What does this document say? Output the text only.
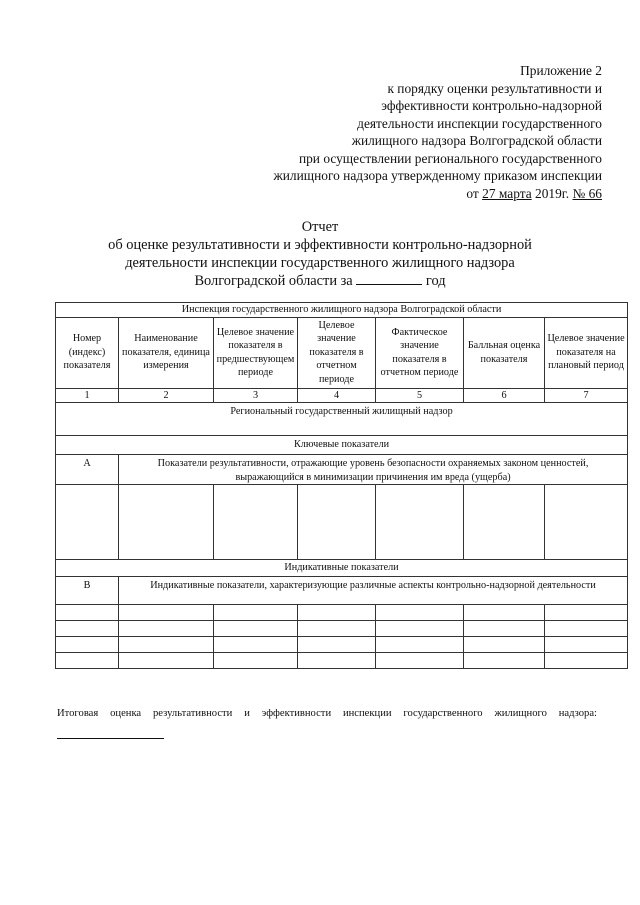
Приложение 2
к порядку оценки результативности и
эффективности контрольно-надзорной
деятельности инспекции государственного
жилищного надзора Волгоградской области
при осуществлении регионального государственного
жилищного надзора утвержденному приказом инспекции
от 27 марта 2019г. № 66
Отчет
об оценке результативности и эффективности контрольно-надзорной
деятельности инспекции государственного жилищного надзора
Волгоградской области за	год
Инспекция государственного жилищного надзора Волгоградской области						
Номер (индекс) показателя	Наименование показателя, единица измерения	Целевое значение показателя в предшествующем периоде	Целевое значение показателя в отчетном периоде	Фактическое значение показателя в отчетном периоде	Балльная оценка показателя	Целевое значение показателя на плановый период
1	2	3	4	5	6	7
Региональный государственный жилищный надзор						
Ключевые показатели						
А	Показатели результативности, отражающие уровень безопасности охраняемых законом ценностей, выражающийся в минимизации причинения им вреда (ущерба)					

Индикативные показатели						
В	Индикативные показатели, характеризующие различные аспекты контрольно-надзорной деятельности					

Итоговая оценка результативности и эффективности инспекции государственного жилищного надзора:
